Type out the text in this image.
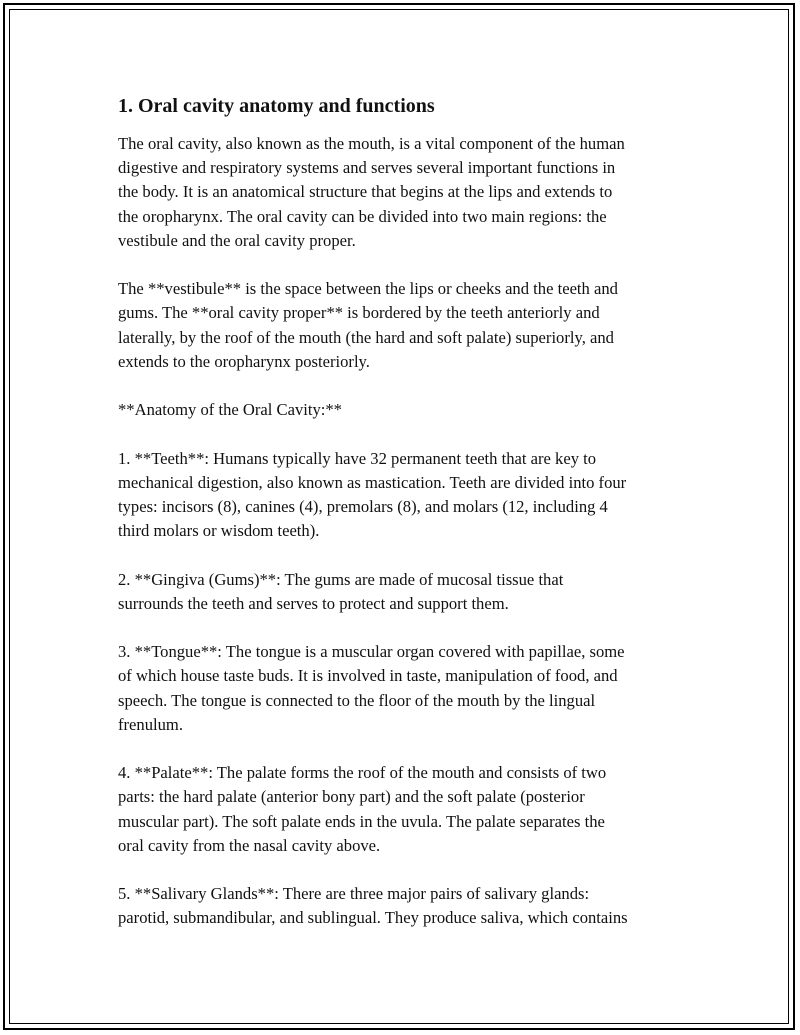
1. Oral cavity anatomy and functions

The oral cavity, also known as the mouth, is a vital component of the human
digestive and respiratory systems and serves several important functions in
the body. It is an anatomical structure that begins at the lips and extends to
the oropharynx. The oral cavity can be divided into two main regions: the
vestibule and the oral cavity proper.

The **vestibule** is the space between the lips or cheeks and the teeth and
gums. The **oral cavity proper** is bordered by the teeth anteriorly and
laterally, by the roof of the mouth (the hard and soft palate) superiorly, and
extends to the oropharynx posteriorly.

**Anatomy of the Oral Cavity:**

1. **Teeth**: Humans typically have 32 permanent teeth that are key to
mechanical digestion, also known as mastication. Teeth are divided into four
types: incisors (8), canines (4), premolars (8), and molars (12, including 4
third molars or wisdom teeth).

2. **Gingiva (Gums)**: The gums are made of mucosal tissue that
surrounds the teeth and serves to protect and support them.

3. **Tongue**: The tongue is a muscular organ covered with papillae, some
of which house taste buds. It is involved in taste, manipulation of food, and
speech. The tongue is connected to the floor of the mouth by the lingual
frenulum.

4. **Palate**: The palate forms the roof of the mouth and consists of two
parts: the hard palate (anterior bony part) and the soft palate (posterior
muscular part). The soft palate ends in the uvula. The palate separates the
oral cavity from the nasal cavity above.

5. **Salivary Glands**: There are three major pairs of salivary glands:
parotid, submandibular, and sublingual. They produce saliva, which contains
